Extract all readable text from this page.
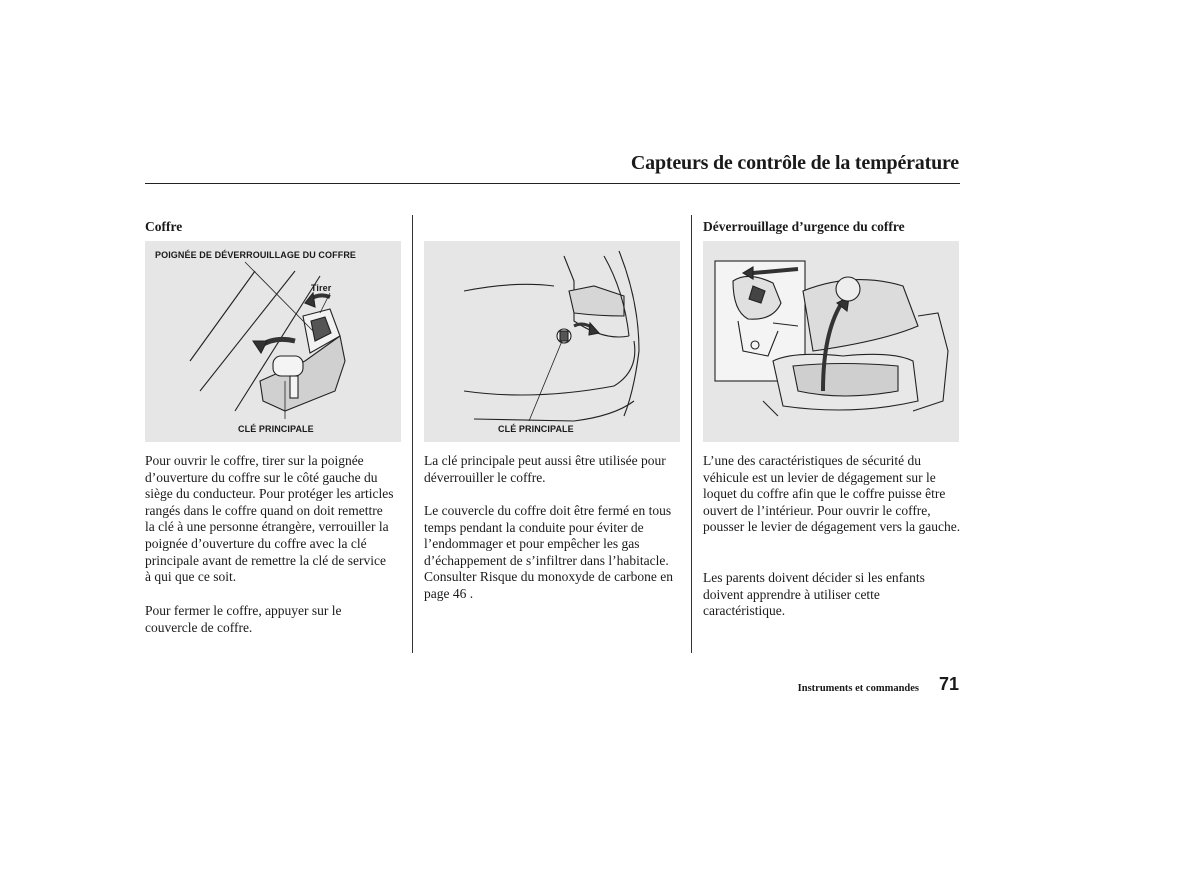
Capteurs de contrôle de la température
Coffre
POIGNÉE DE DÉVERROUILLAGE DU COFFRE
Tirer
CLÉ PRINCIPALE

Pour ouvrir le coffre, tirer sur la poignée d’ouverture du coffre sur le côté gauche du siège du conducteur. Pour protéger les articles rangés dans le coffre quand on doit remettre la clé à une personne étrangère, verrouiller la poignée d’ouverture du coffre avec la clé principale avant de remettre la clé de service à qui que ce soit.

Pour fermer le coffre, appuyer sur le couvercle de coffre.

CLÉ PRINCIPALE

La clé principale peut aussi être utilisée pour déverrouiller le coffre.

Le couvercle du coffre doit être fermé en tous temps pendant la conduite pour éviter de l’endommager et pour empêcher les gas d’échappement de s’infiltrer dans l’habitacle. Consulter Risque du monoxyde de carbone en page 46 .

Déverrouillage d’urgence du coffre

L’une des caractéristiques de sécurité du véhicule est un levier de dégagement sur le loquet du coffre afin que le coffre puisse être ouvert de l’intérieur. Pour ouvrir le coffre, pousser le levier de dégagement vers la gauche.

Les parents doivent décider si les enfants doivent apprendre à utiliser cette caractéristique.

Instruments et commandes 71
